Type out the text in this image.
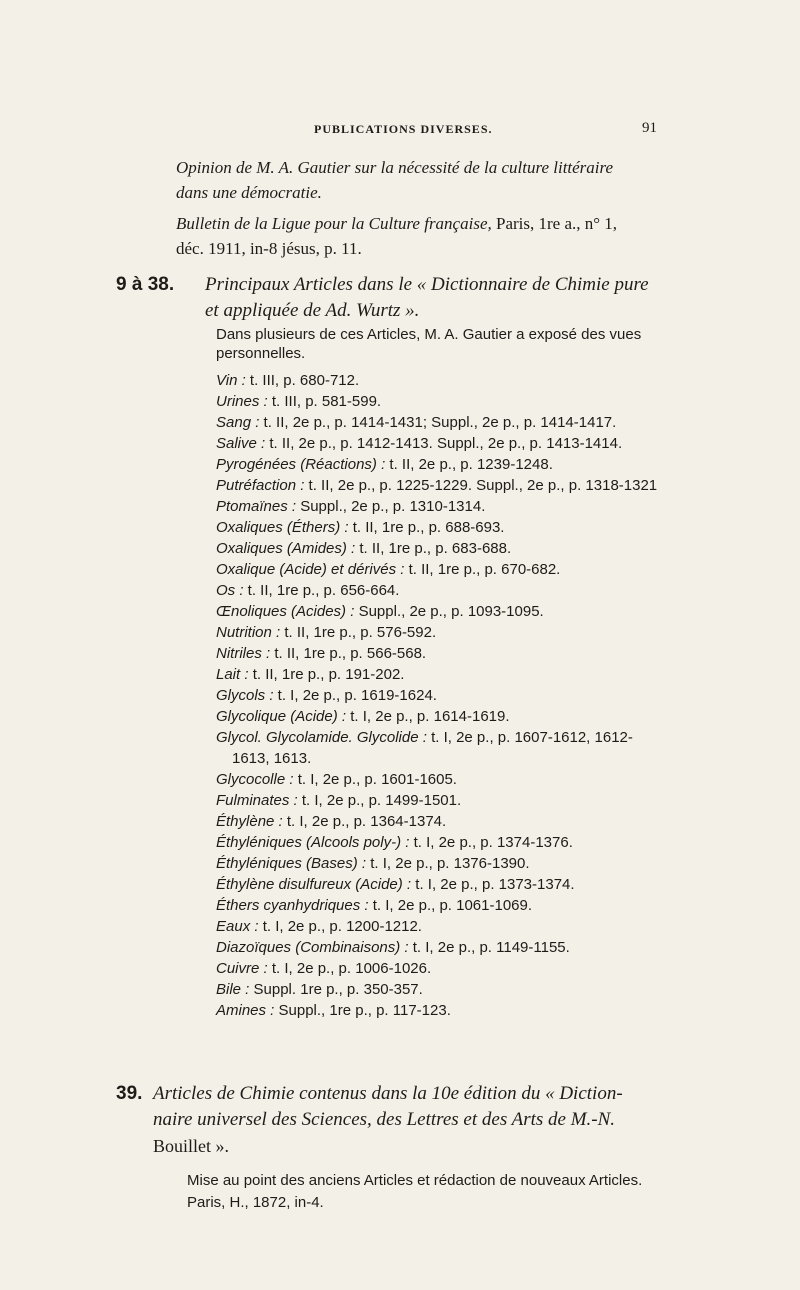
PUBLICATIONS DIVERSES.	91
Opinion de M. A. Gautier sur la nécessité de la culture littéraire
dans une démocratie.
Bulletin de la Ligue pour la Culture française, Paris, 1re a., n° 1,
déc. 1911, in-8 jésus, p. 11.
9 à 38. Principaux Articles dans le « Dictionnaire de Chimie pure
et appliquée de Ad. Wurtz ».
Dans plusieurs de ces Articles, M. A. Gautier a exposé des vues
personnelles.
Vin : t. III, p. 680-712.
Urines : t. III, p. 581-599.
Sang : t. II, 2e p., p. 1414-1431; Suppl., 2e p., p. 1414-1417.
Salive : t. II, 2e p., p. 1412-1413. Suppl., 2e p., p. 1413-1414.
Pyrogénées (Réactions) : t. II, 2e p., p. 1239-1248.
Putréfaction : t. II, 2e p., p. 1225-1229. Suppl., 2e p., p. 1318-1321
Ptomaïnes : Suppl., 2e p., p. 1310-1314.
Oxaliques (Éthers) : t. II, 1re p., p. 688-693.
Oxaliques (Amides) : t. II, 1re p., p. 683-688.
Oxalique (Acide) et dérivés : t. II, 1re p., p. 670-682.
Os : t. II, 1re p., p. 656-664.
Œnoliques (Acides) : Suppl., 2e p., p. 1093-1095.
Nutrition : t. II, 1re p., p. 576-592.
Nitriles : t. II, 1re p., p. 566-568.
Lait : t. II, 1re p., p. 191-202.
Glycols : t. I, 2e p., p. 1619-1624.
Glycolique (Acide) : t. I, 2e p., p. 1614-1619.
Glycol. Glycolamide. Glycolide : t. I, 2e p., p. 1607-1612, 1612-
1613, 1613.
Glycocolle : t. I, 2e p., p. 1601-1605.
Fulminates : t. I, 2e p., p. 1499-1501.
Éthylène : t. I, 2e p., p. 1364-1374.
Éthyléniques (Alcools poly-) : t. I, 2e p., p. 1374-1376.
Éthyléniques (Bases) : t. I, 2e p., p. 1376-1390.
Éthylène disulfureux (Acide) : t. I, 2e p., p. 1373-1374.
Éthers cyanhydriques : t. I, 2e p., p. 1061-1069.
Eaux : t. I, 2e p., p. 1200-1212.
Diazoïques (Combinaisons) : t. I, 2e p., p. 1149-1155.
Cuivre : t. I, 2e p., p. 1006-1026.
Bile : Suppl. 1re p., p. 350-357.
Amines : Suppl., 1re p., p. 117-123.
39. Articles de Chimie contenus dans la 10e édition du « Diction-
naire universel des Sciences, des Lettres et des Arts de M.-N.
Bouillet ».
Mise au point des anciens Articles et rédaction de nouveaux Articles.
Paris, H., 1872, in-4.
